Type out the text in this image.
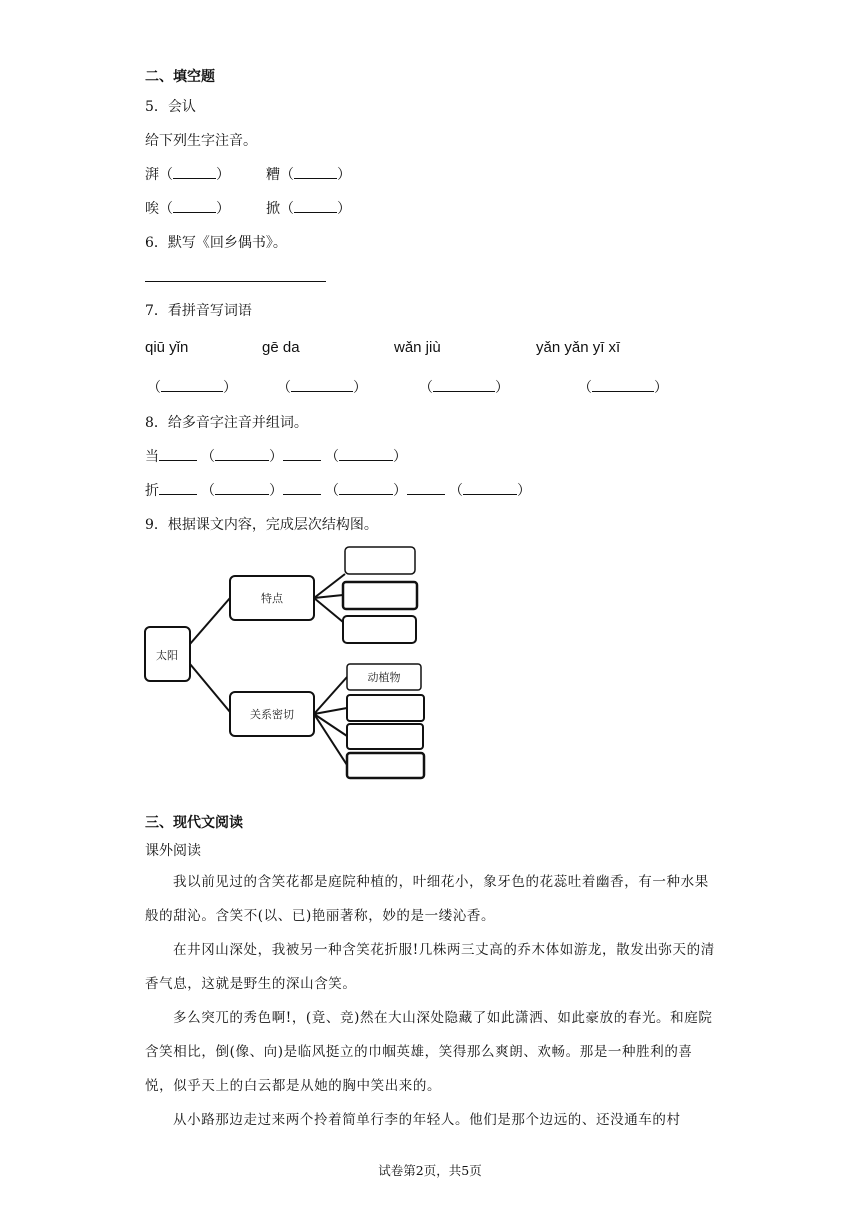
二、填空题
5．会认
给下列生字注音。
湃（	）	糟（	）
唉（	）	掀（	）
6．默写《回乡偶书》。
7．看拼音写词语
qiū yǐn	gē da	wǎn jiù	yǎn yǎn yī xī
（	）	（	）	（	）	（	）
8．给多音字注音并组词。
当	（	）	（	）
折	（	）	（	）	（	）
9．根据课文内容，完成层次结构图。
太阳
特点
关系密切
动植物
三、现代文阅读
课外阅读
我以前见过的含笑花都是庭院种植的，叶细花小，象牙色的花蕊吐着幽香，有一种水果般的甜沁。含笑不(以、已)艳丽著称，妙的是一缕沁香。
在井冈山深处，我被另一种含笑花折服!几株两三丈高的乔木体如游龙，散发出弥天的清香气息，这就是野生的深山含笑。
多么突兀的秀色啊!，(竟、竞)然在大山深处隐藏了如此潇洒、如此豪放的春光。和庭院含笑相比，倒(像、向)是临风挺立的巾帼英雄，笑得那么爽朗、欢畅。那是一种胜利的喜悦，似乎天上的白云都是从她的胸中笑出来的。
从小路那边走过来两个拎着简单行李的年轻人。他们是那个边远的、还没通车的村
试卷第2页，共5页
